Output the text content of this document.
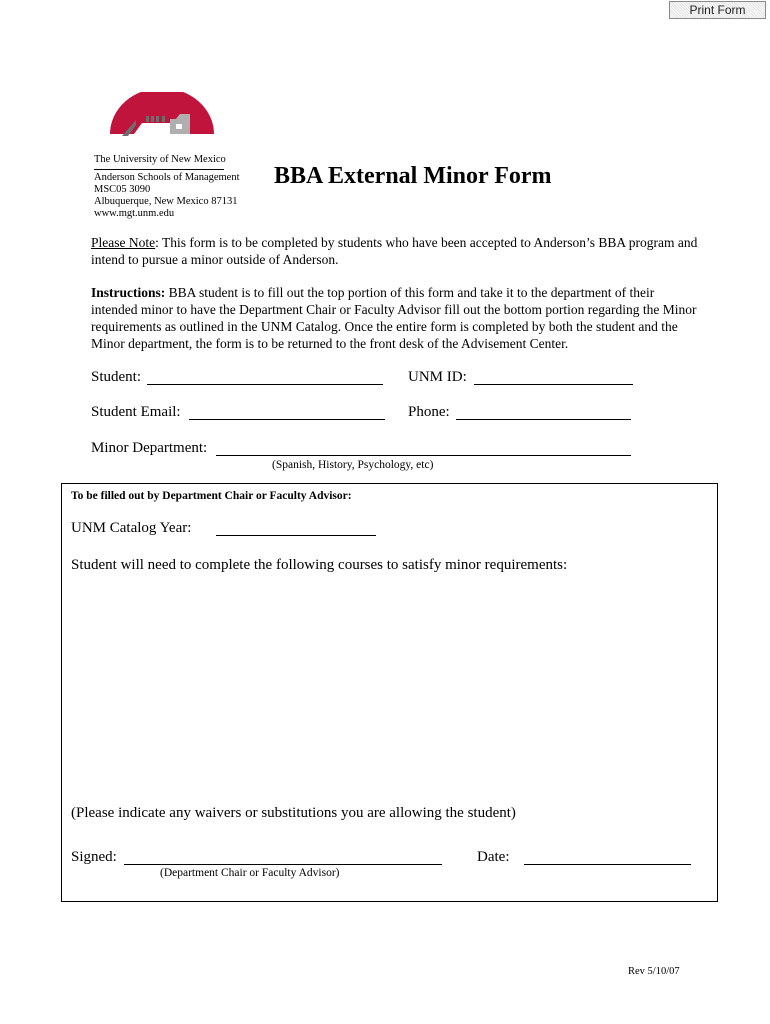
Print Form
The University of New Mexico
Anderson Schools of Management
MSC05 3090
Albuquerque, New Mexico 87131
www.mgt.unm.edu
BBA External Minor Form
Please Note: This form is to be completed by students who have been accepted to Anderson’s BBA program and intend to pursue a minor outside of Anderson.
Instructions: BBA student is to fill out the top portion of this form and take it to the department of their intended minor to have the Department Chair or Faculty Advisor fill out the bottom portion regarding the Minor requirements as outlined in the UNM Catalog. Once the entire form is completed by both the student and the Minor department, the form is to be returned to the front desk of the Advisement Center.
Student:	UNM ID:
Student Email:	Phone:
Minor Department:
(Spanish, History, Psychology, etc)
To be filled out by Department Chair or Faculty Advisor:
UNM Catalog Year:
Student will need to complete the following courses to satisfy minor requirements:
(Please indicate any waivers or substitutions you are allowing the student)
Signed:
(Department Chair or Faculty Advisor)
Date:
Rev 5/10/07
